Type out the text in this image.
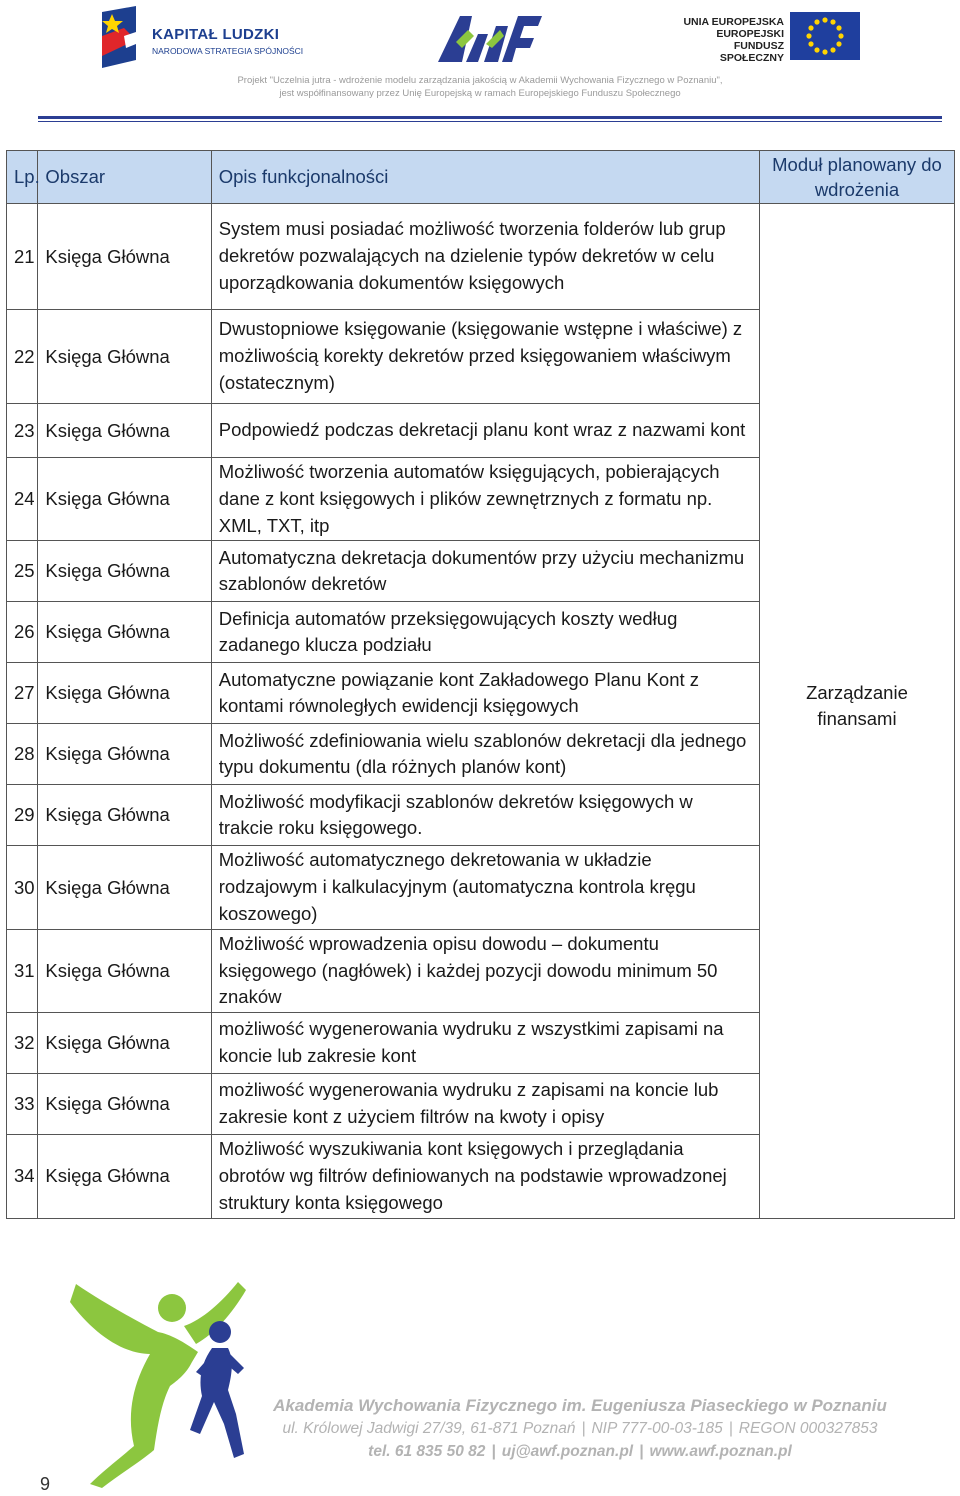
KAPITAŁ LUDZKI
NARODOWA STRATEGIA SPÓJNOŚCI
UNIA EUROPEJSKA
EUROPEJSKI
FUNDUSZ SPOŁECZNY
Projekt "Uczelnia jutra - wdrożenie modelu zarządzania jakością w Akademii Wychowania Fizycznego w Poznaniu",
jest współfinansowany przez Unię Europejską w ramach Europejskiego Funduszu Społecznego
Lp.	Obszar	Opis funkcjonalności	Moduł planowany do wdrożenia
21	Księga Główna	System musi posiadać możliwość tworzenia folderów lub grup dekretów pozwalających na dzielenie typów dekretów w celu uporządkowania dokumentów księgowych	Zarządzanie finansami
22	Księga Główna	Dwustopniowe księgowanie (księgowanie wstępne i właściwe) z możliwością korekty dekretów przed księgowaniem właściwym (ostatecznym)	
23	Księga Główna	Podpowiedź podczas dekretacji planu kont wraz z nazwami kont	
24	Księga Główna	Możliwość tworzenia automatów księgujących, pobierających dane z kont księgowych i plików zewnętrznych z formatu np. XML, TXT, itp	
25	Księga Główna	Automatyczna dekretacja dokumentów przy użyciu mechanizmu szablonów dekretów	
26	Księga Główna	Definicja automatów przeksięgowujących koszty według zadanego klucza podziału	
27	Księga Główna	Automatyczne powiązanie kont Zakładowego Planu Kont z kontami równoległych ewidencji księgowych	
28	Księga Główna	Możliwość zdefiniowania wielu szablonów dekretacji dla jednego typu dokumentu (dla różnych planów kont)	
29	Księga Główna	Możliwość modyfikacji szablonów dekretów księgowych w trakcie roku księgowego.	
30	Księga Główna	Możliwość automatycznego dekretowania w układzie rodzajowym i kalkulacyjnym (automatyczna kontrola kręgu koszowego)	
31	Księga Główna	Możliwość wprowadzenia opisu dowodu – dokumentu księgowego (nagłówek) i każdej pozycji dowodu minimum 50 znaków	
32	Księga Główna	możliwość wygenerowania wydruku z wszystkimi zapisami na koncie lub zakresie kont	
33	Księga Główna	możliwość wygenerowania wydruku z zapisami na koncie lub zakresie kont z użyciem filtrów na kwoty i opisy	
34	Księga Główna	Możliwość wyszukiwania kont księgowych i przeglądania obrotów wg filtrów definiowanych na podstawie wprowadzonej struktury konta księgowego	
9
Akademia Wychowania Fizycznego im. Eugeniusza Piaseckiego w Poznaniu
ul. Królowej Jadwigi 27/39, 61-871 Poznań | NIP 777-00-03-185 | REGON 000327853
tel. 61 835 50 82 | uj@awf.poznan.pl | www.awf.poznan.pl
